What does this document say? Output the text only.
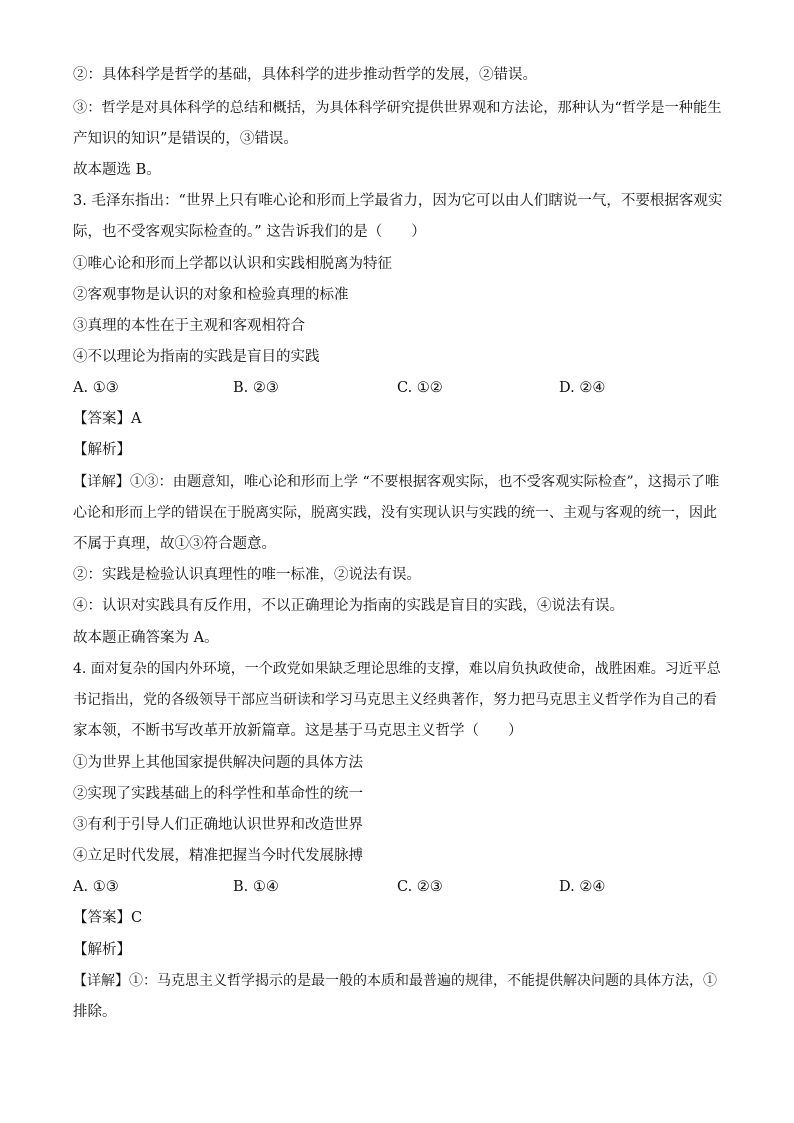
②：具体科学是哲学的基础，具体科学的进步推动哲学的发展，②错误。
③：哲学是对具体科学的总结和概括，为具体科学研究提供世界观和方法论，那种认为“哲学是一种能生
产知识的知识”是错误的，③错误。
故本题选 B。
3. 毛泽东指出：“世界上只有唯心论和形而上学最省力，因为它可以由人们瞎说一气，不要根据客观实
际，也不受客观实际检查的。” 这告诉我们的是（　　）
①唯心论和形而上学都以认识和实践相脱离为特征
②客观事物是认识的对象和检验真理的标准
③真理的本性在于主观和客观相符合
④不以理论为指南的实践是盲目的实践
A. ①③	B. ②③	C. ①②	D. ②④
【答案】A
【解析】
【详解】①③：由题意知，唯心论和形而上学 “不要根据客观实际，也不受客观实际检查”，这揭示了唯
心论和形而上学的错误在于脱离实际，脱离实践，没有实现认识与实践的统一、主观与客观的统一，因此
不属于真理，故①③符合题意。
②：实践是检验认识真理性的唯一标准，②说法有误。
④：认识对实践具有反作用，不以正确理论为指南的实践是盲目的实践，④说法有误。
故本题正确答案为 A。
4. 面对复杂的国内外环境，一个政党如果缺乏理论思维的支撑，难以肩负执政使命，战胜困难。习近平总
书记指出，党的各级领导干部应当研读和学习马克思主义经典著作，努力把马克思主义哲学作为自己的看
家本领，不断书写改革开放新篇章。这是基于马克思主义哲学（　　）
①为世界上其他国家提供解决问题的具体方法
②实现了实践基础上的科学性和革命性的统一
③有利于引导人们正确地认识世界和改造世界
④立足时代发展，精准把握当今时代发展脉搏
A. ①③	B. ①④	C. ②③	D. ②④
【答案】C
【解析】
【详解】①：马克思主义哲学揭示的是最一般的本质和最普遍的规律，不能提供解决问题的具体方法，①
排除。
